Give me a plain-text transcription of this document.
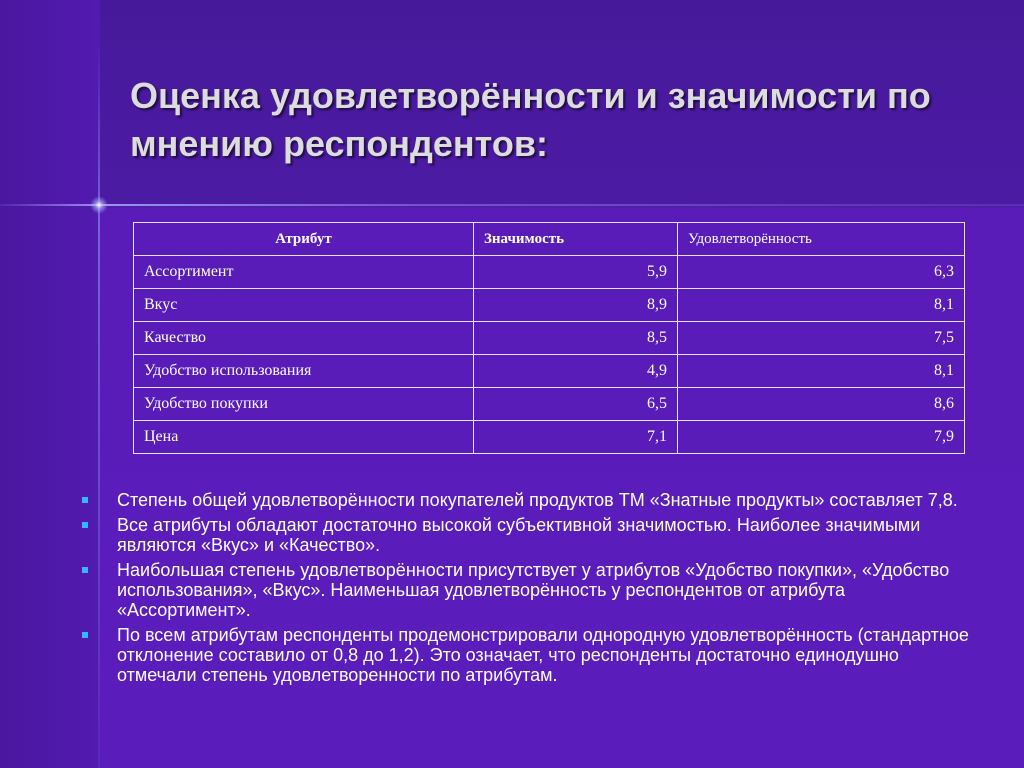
Оценка удовлетворённости и значимости по мнению респондентов:
Атрибут	Значимость	Удовлетворённость
Ассортимент	5,9	6,3
Вкус	8,9	8,1
Качество	8,5	7,5
Удобство использования	4,9	8,1
Удобство покупки	6,5	8,6
Цена	7,1	7,9
Степень общей удовлетворённости покупателей продуктов ТМ «Знатные продукты» составляет 7,8.
Все атрибуты обладают достаточно высокой субъективной значимостью. Наиболее значимыми являются «Вкус» и «Качество».
Наибольшая степень удовлетворённости присутствует у атрибутов «Удобство покупки», «Удобство использования», «Вкус». Наименьшая удовлетворённость у респондентов от атрибута «Ассортимент».
По всем атрибутам респонденты продемонстрировали однородную удовлетворённость (стандартное отклонение составило от 0,8 до 1,2). Это означает, что респонденты достаточно единодушно отмечали степень удовлетворенности по атрибутам.
